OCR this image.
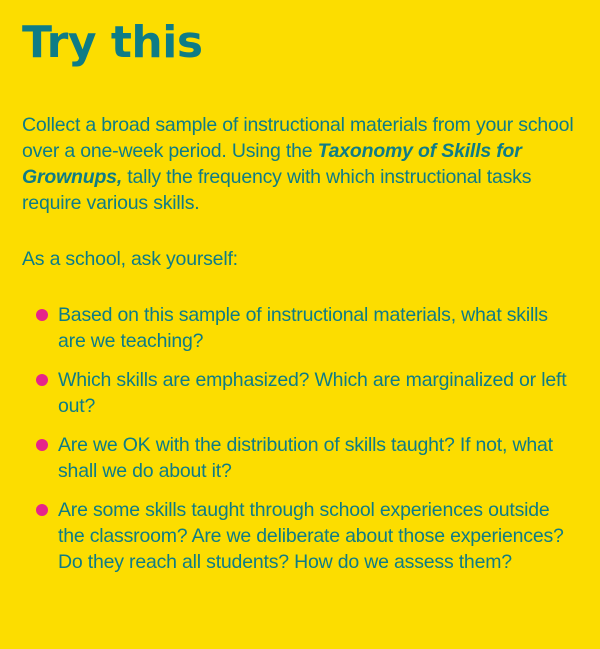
Try this

Collect a broad sample of instructional materials from your school over a one-week period. Using the Taxonomy of Skills for Grownups, tally the frequency with which instructional tasks require various skills.

As a school, ask yourself:

Based on this sample of instructional materials, what skills are we teaching?
Which skills are emphasized? Which are marginalized or left out?
Are we OK with the distribution of skills taught? If not, what shall we do about it?
Are some skills taught through school experiences outside the classroom? Are we deliberate about those experiences? Do they reach all students? How do we assess them?
